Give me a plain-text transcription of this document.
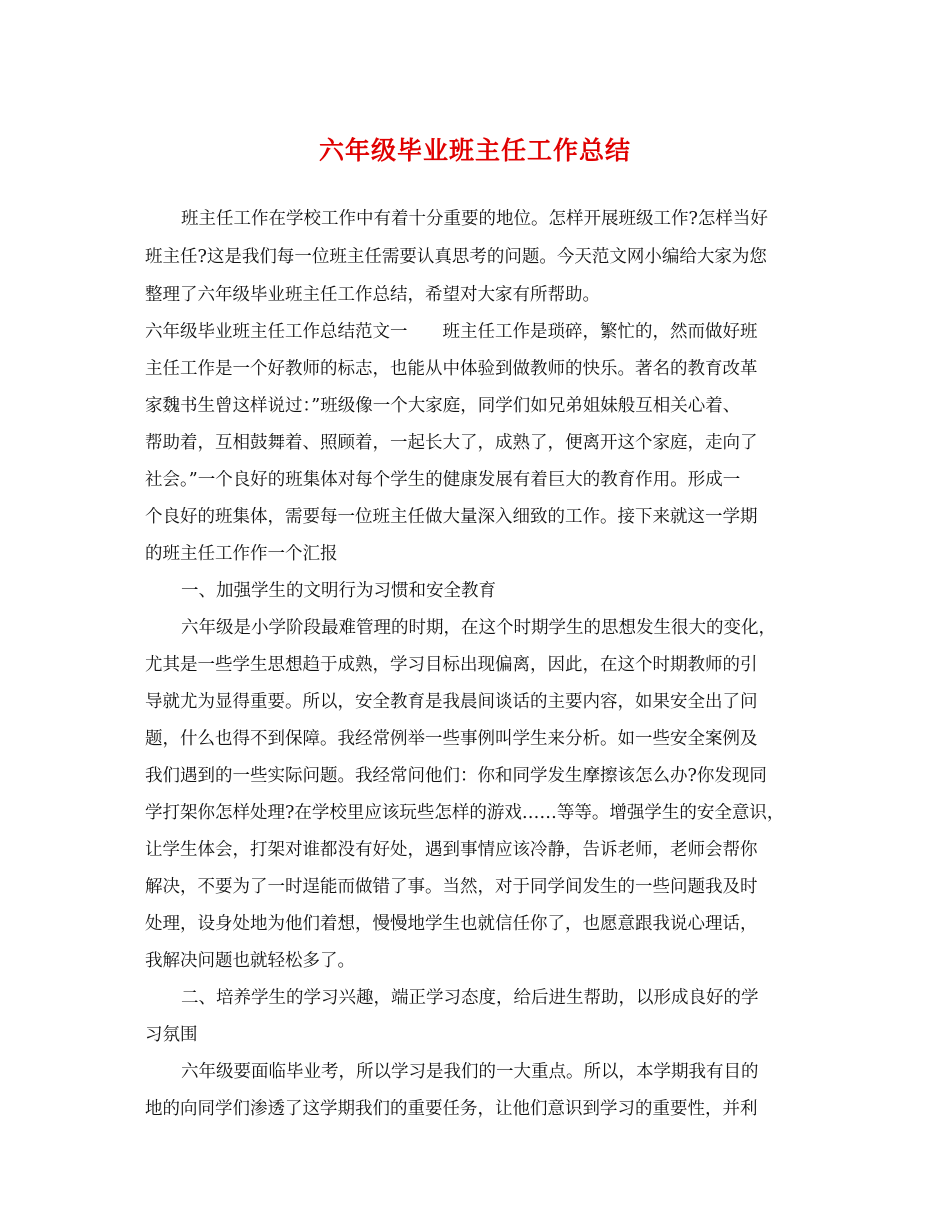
六年级毕业班主任工作总结
班主任工作在学校工作中有着十分重要的地位。怎样开展班级工作?怎样当好
班主任?这是我们每一位班主任需要认真思考的问题。今天范文网小编给大家为您
整理了六年级毕业班主任工作总结，希望对大家有所帮助。
六年级毕业班主任工作总结范文一　　班主任工作是琐碎，繁忙的，然而做好班
主任工作是一个好教师的标志，也能从中体验到做教师的快乐。著名的教育改革
家魏书生曾这样说过：”班级像一个大家庭，同学们如兄弟姐妹般互相关心着、
帮助着，互相鼓舞着、照顾着，一起长大了，成熟了，便离开这个家庭，走向了
社会。”一个良好的班集体对每个学生的健康发展有着巨大的教育作用。形成一
个良好的班集体，需要每一位班主任做大量深入细致的工作。接下来就这一学期
的班主任工作作一个汇报
一、加强学生的文明行为习惯和安全教育
六年级是小学阶段最难管理的时期，在这个时期学生的思想发生很大的变化，
尤其是一些学生思想趋于成熟，学习目标出现偏离，因此，在这个时期教师的引
导就尤为显得重要。所以，安全教育是我晨间谈话的主要内容，如果安全出了问
题，什么也得不到保障。我经常例举一些事例叫学生来分析。如一些安全案例及
我们遇到的一些实际问题。我经常问他们：你和同学发生摩擦该怎么办?你发现同
学打架你怎样处理?在学校里应该玩些怎样的游戏……等等。增强学生的安全意识，
让学生体会，打架对谁都没有好处，遇到事情应该冷静，告诉老师，老师会帮你
解决，不要为了一时逞能而做错了事。当然，对于同学间发生的一些问题我及时
处理，设身处地为他们着想，慢慢地学生也就信任你了，也愿意跟我说心理话，
我解决问题也就轻松多了。
二、培养学生的学习兴趣，端正学习态度，给后进生帮助，以形成良好的学
习氛围
六年级要面临毕业考，所以学习是我们的一大重点。所以，本学期我有目的
地的向同学们渗透了这学期我们的重要任务，让他们意识到学习的重要性，并利
